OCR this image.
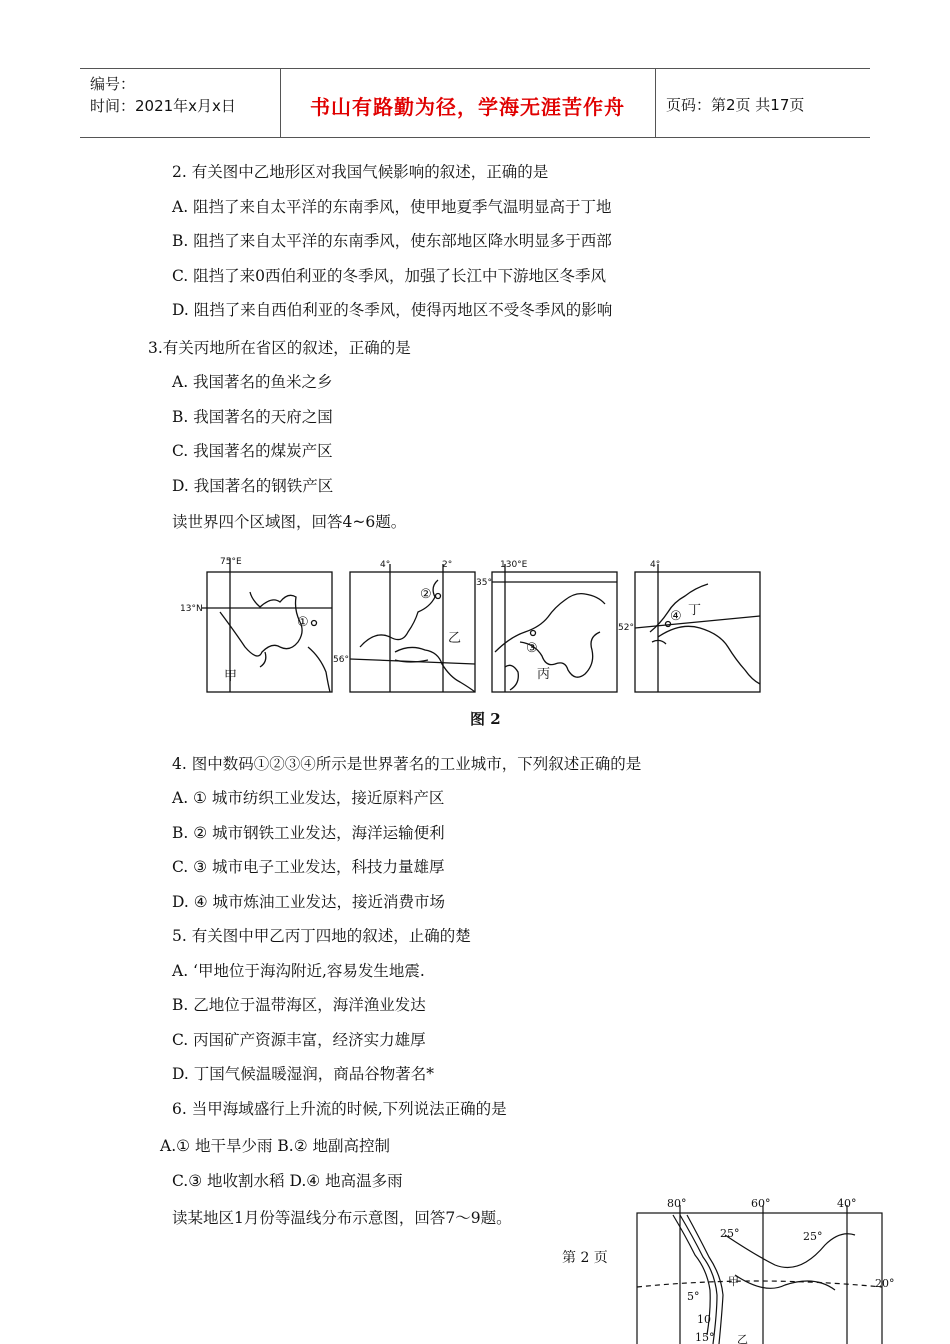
编号：
时间：2021年x月x日	书山有路勤为径，学海无涯苦作舟	页码：第2页 共17页
2. 有关图中乙地形区对我国气候影响的叙述，正确的是
A. 阻挡了来自太平洋的东南季风，使甲地夏季气温明显高于丁地
B. 阻挡了来自太平洋的东南季风，使东部地区降水明显多于西部
C. 阻挡了来0西伯利亚的冬季风，加强了长江中下游地区冬季风
D. 阻挡了来自西伯利亚的冬季风，使得丙地区不受冬季风的影响
3.有关丙地所在省区的叙述，正确的是
A. 我国著名的鱼米之乡
B. 我国著名的天府之国
C. 我国著名的煤炭产区
D. 我国著名的钢铁产区
读世界四个区域图，回答4~6题。
75°E
13°N
4°	2°
56°
130°E
35°
4°
52°
①
甲
②
乙
③
丙
④ 丁
图 2
4. 图中数码①②③④所示是世界著名的工业城市，下列叙述正确的是
A. ① 城市纺织工业发达，接近原料产区
B. ② 城市钢铁工业发达，海洋运输便利
C. ③ 城市电子工业发达，科技力量雄厚
D. ④ 城市炼油工业发达，接近消费市场
5. 有关图中甲乙丙丁四地的叙述，止确的楚
A. ‘甲地位于海沟附近,容易发生地震.
B. 乙地位于温带海区，海洋渔业发达
C. 丙国矿产资源丰富，经济实力雄厚
D. 丁国气候温暖湿润，商品谷物著名*
6. 当甲海域盛行上升流的时候,下列说法正确的是
A.① 地干旱少雨 B.② 地副高控制
C.③ 地收割水稻 D.④ 地高温多雨
读某地区1月份等温线分布示意图，回答7～9题。
第 2 页
80°	60°	40°
20°
25°	25°
5°
10
15°
甲
乙
